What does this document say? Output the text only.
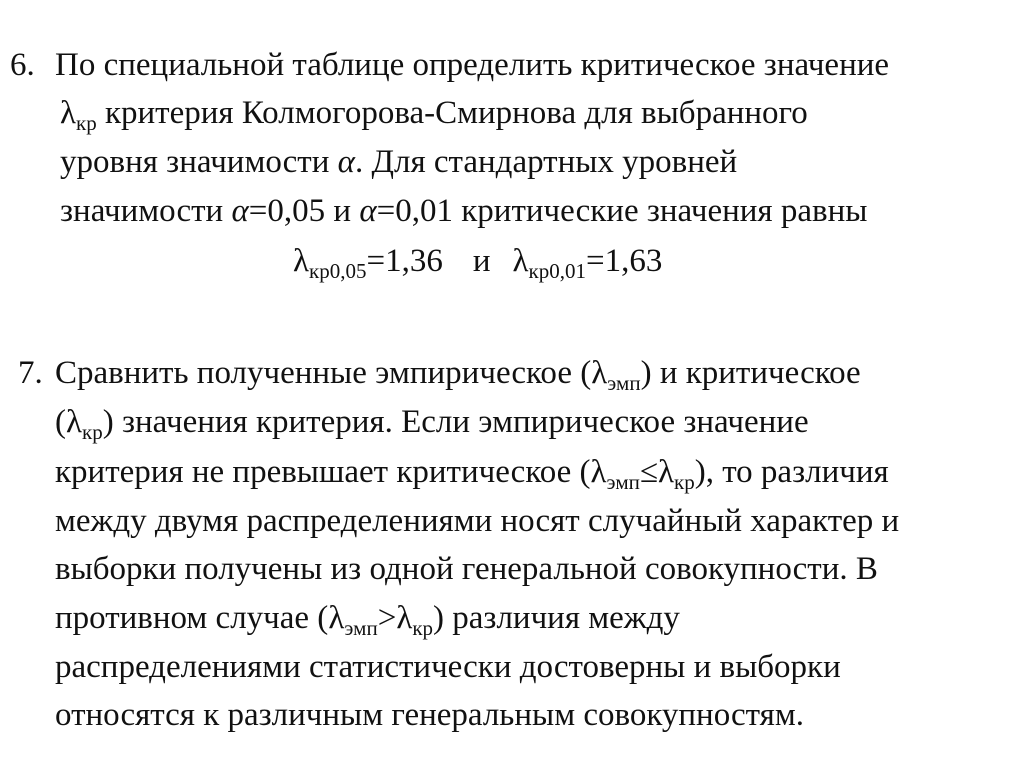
6. По специальной таблице определить критическое значение
$\lambda_{кр}$ критерия Колмогорова-Смирнова для выбранного
уровня значимости α. Для стандартных уровней
значимости α=0,05 и α=0,01 критические значения равны
$\lambda_{кр0,05}=1,36$ и $\lambda_{кр0,01}=1,63$
7. Сравнить полученные эмпирическое $(\lambda_{эмп})$ и критическое
$(\lambda_{кр})$ значения критерия. Если эмпирическое значение
критерия не превышает критическое $(\lambda_{эмп}\le\lambda_{кр})$, то различия
между двумя распределениями носят случайный характер и
выборки получены из одной генеральной совокупности. В
противном случае $(\lambda_{эмп}>\lambda_{кр})$ различия между
распределениями статистически достоверны и выборки
относятся к различным генеральным совокупностям.
